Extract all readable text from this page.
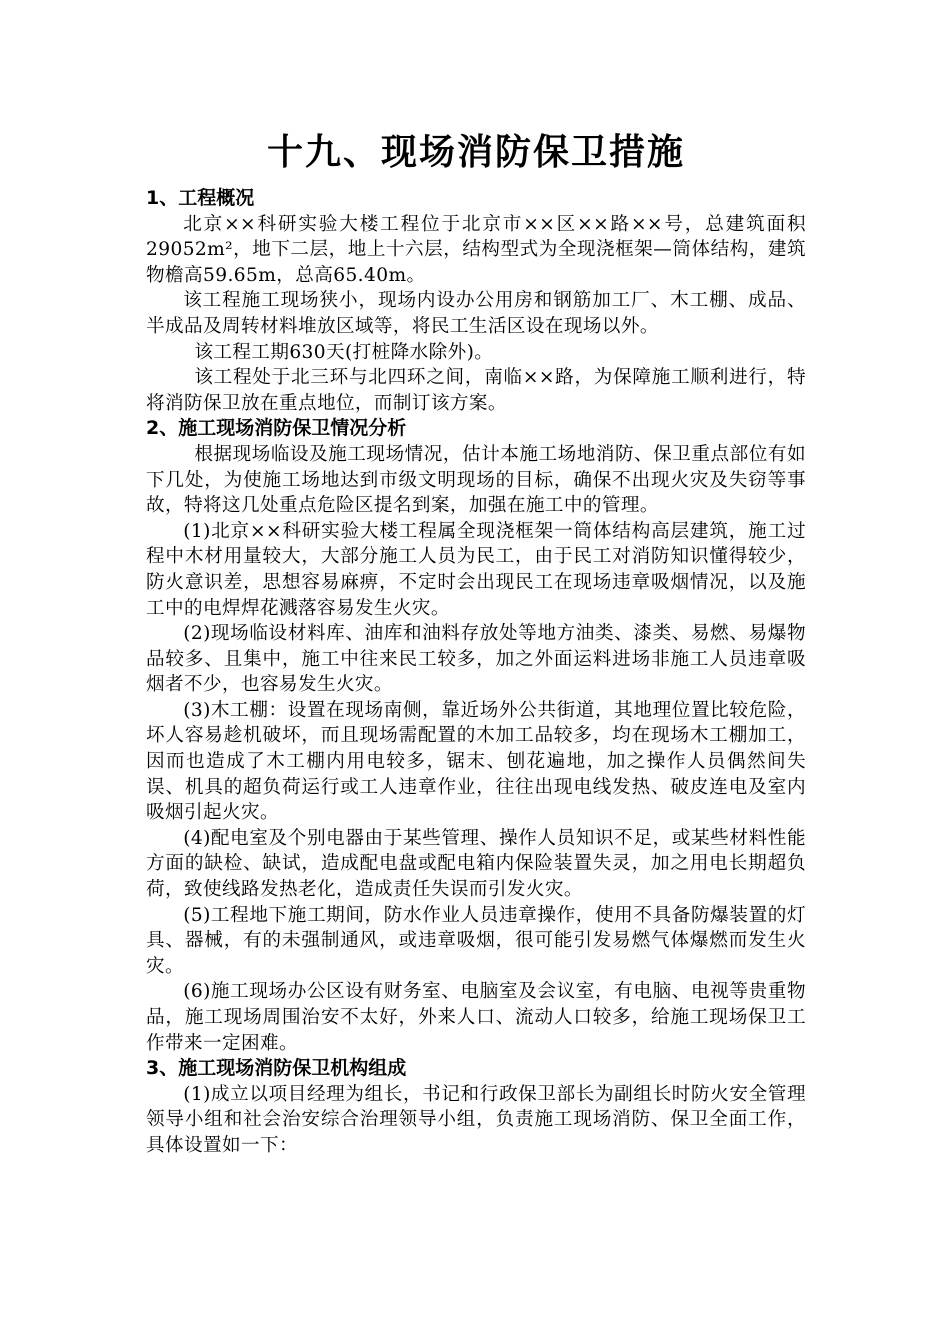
十九、现场消防保卫措施

1、工程概况

北京××科研实验大楼工程位于北京市××区××路××号，总建筑面积29052m²，地下二层，地上十六层，结构型式为全现浇框架—筒体结构，建筑物檐高59.65m，总高65.40m。

该工程施工现场狭小，现场内设办公用房和钢筋加工厂、木工棚、成品、半成品及周转材料堆放区域等，将民工生活区设在现场以外。

该工程工期630天(打桩降水除外)。

该工程处于北三环与北四环之间，南临××路，为保障施工顺利进行，特将消防保卫放在重点地位，而制订该方案。

2、施工现场消防保卫情况分析

根据现场临设及施工现场情况，估计本施工场地消防、保卫重点部位有如下几处，为使施工场地达到市级文明现场的目标，确保不出现火灾及失窃等事故，特将这几处重点危险区提名到案，加强在施工中的管理。

(1)北京××科研实验大楼工程属全现浇框架一筒体结构高层建筑，施工过程中木材用量较大，大部分施工人员为民工，由于民工对消防知识懂得较少，防火意识差，思想容易麻痹，不定时会出现民工在现场违章吸烟情况，以及施工中的电焊焊花溅落容易发生火灾。

(2)现场临设材料库、油库和油料存放处等地方油类、漆类、易燃、易爆物品较多、且集中，施工中往来民工较多，加之外面运料进场非施工人员违章吸烟者不少，也容易发生火灾。

(3)木工棚：设置在现场南侧，靠近场外公共街道，其地理位置比较危险，坏人容易趁机破坏，而且现场需配置的木加工品较多，均在现场木工棚加工，因而也造成了木工棚内用电较多，锯末、刨花遍地，加之操作人员偶然间失误、机具的超负荷运行或工人违章作业，往往出现电线发热、破皮连电及室内吸烟引起火灾。

(4)配电室及个别电器由于某些管理、操作人员知识不足，或某些材料性能方面的缺检、缺试，造成配电盘或配电箱内保险装置失灵，加之用电长期超负荷，致使线路发热老化，造成责任失误而引发火灾。

(5)工程地下施工期间，防水作业人员违章操作，使用不具备防爆装置的灯具、器械，有的未强制通风，或违章吸烟，很可能引发易燃气体爆燃而发生火灾。

(6)施工现场办公区设有财务室、电脑室及会议室，有电脑、电视等贵重物品，施工现场周围治安不太好，外来人口、流动人口较多，给施工现场保卫工作带来一定困难。

3、施工现场消防保卫机构组成

(1)成立以项目经理为组长，书记和行政保卫部长为副组长时防火安全管理领导小组和社会治安综合治理领导小组，负责施工现场消防、保卫全面工作，具体设置如一下：
